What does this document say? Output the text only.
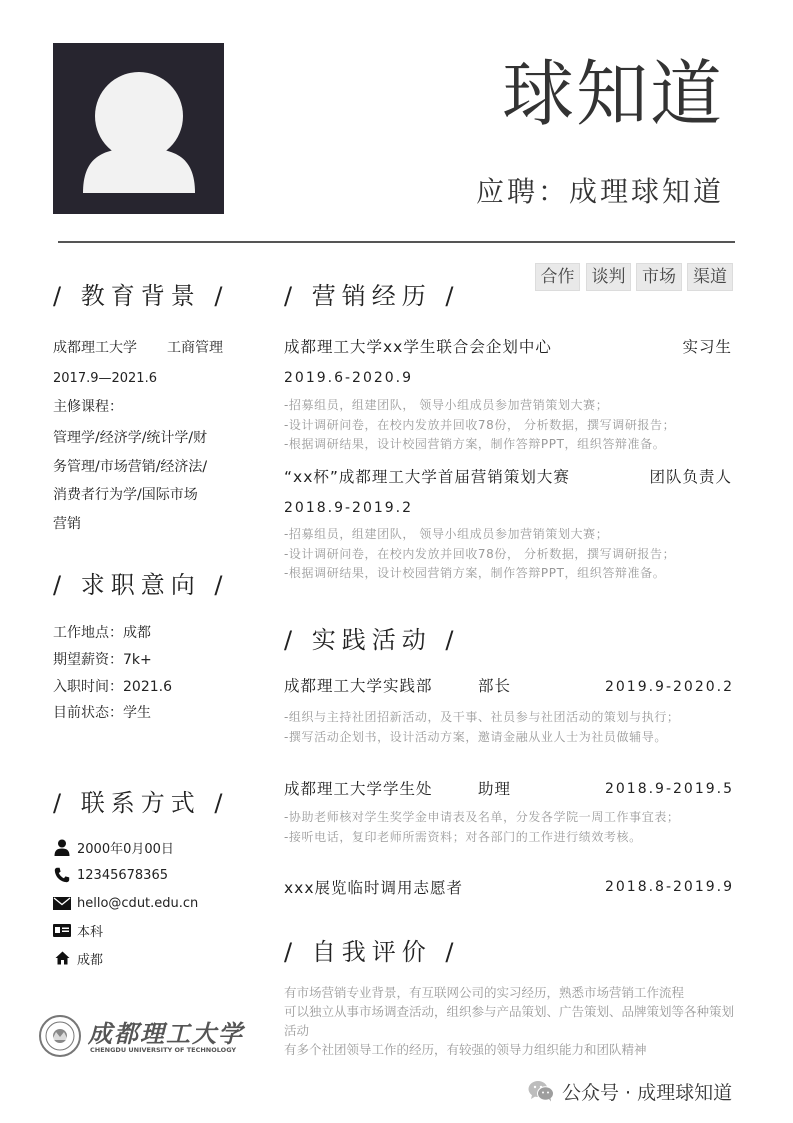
球知道
应聘：成理球知道
合作	谈判 市场	渠道
/ 教育背景 /
成都理工大学 工商管理
2017.9—2021.6
主修课程：
管理学/经济学/统计学/财
务管理/市场营销/经济法/
消费者行为学/国际市场
营销
/ 求职意向 /
工作地点：成都
期望薪资：7k+
入职时间：2021.6
目前状态：学生
/ 联系方式 /
2000年0月00日
12345678365
hello@cdut.edu.cn
本科
成都
成都理工大学
CHENGDU UNIVERSITY OF TECHNOLOGY
/ 营销经历 /
成都理工大学xx学生联合会企划中心	实习生
2019.6-2020.9
-招募组员，组建团队， 领导小组成员参加营销策划大赛；
-设计调研问卷，在校内发放并回收78份， 分析数据，撰写调研报告；
-根据调研结果，设计校园营销方案，制作答辩PPT，组织答辩准备。
“xx杯”成都理工大学首届营销策划大赛	团队负责人
2018.9-2019.2
-招募组员，组建团队， 领导小组成员参加营销策划大赛；
-设计调研问卷，在校内发放并回收78份， 分析数据，撰写调研报告；
-根据调研结果，设计校园营销方案，制作答辩PPT，组织答辩准备。
/ 实践活动 /
成都理工大学实践部	部长	2019.9-2020.2
-组织与主持社团招新活动，及干事、社员参与社团活动的策划与执行；
-撰写活动企划书，设计活动方案，邀请金融从业人士为社员做辅导。
成都理工大学学生处	助理	2018.9-2019.5
-协助老师核对学生奖学金申请表及名单，分发各学院一周工作事宜表；
-接听电话，复印老师所需资料；对各部门的工作进行绩效考核。
xxx展览临时调用志愿者	2018.8-2019.9
/ 自我评价 /
有市场营销专业背景，有互联网公司的实习经历，熟悉市场营销工作流程
可以独立从事市场调查活动，组织参与产品策划、广告策划、品牌策划等各种策划活动
有多个社团领导工作的经历，有较强的领导力组织能力和团队精神
公众号 · 成理球知道
